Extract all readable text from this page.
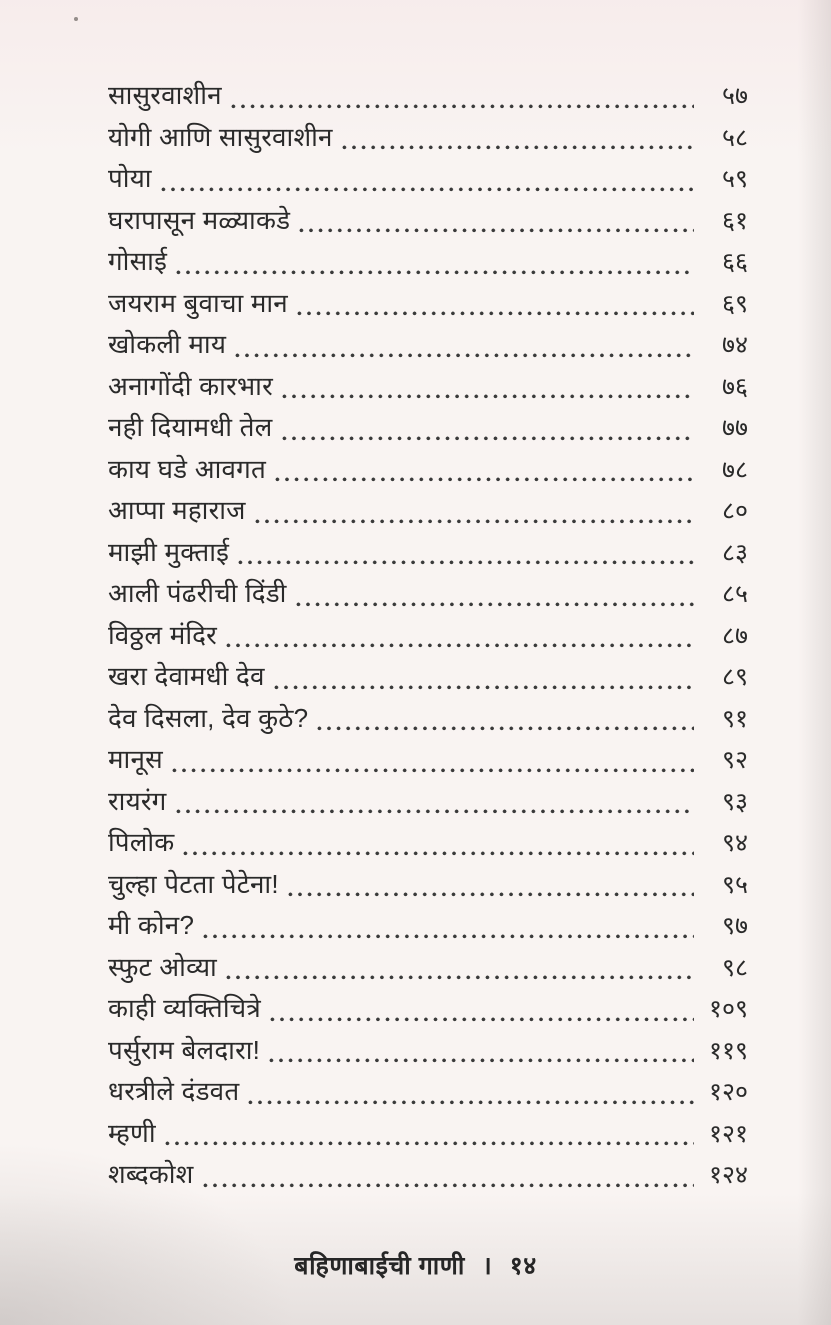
सासुरवाशीन	५७
योगी आणि सासुरवाशीन	५८
पोया	५९
घरापासून मळ्याकडे	६१
गोसाई	६६
जयराम बुवाचा मान	६९
खोकली माय	७४
अनागोंदी कारभार	७६
नही दियामधी तेल	७७
काय घडे आवगत	७८
आप्पा महाराज	८०
माझी मुक्ताई	८३
आली पंढरीची दिंडी	८५
विठ्ठल मंदिर	८७
खरा देवामधी देव	८९
देव दिसला, देव कुठे?	९१
मानूस	९२
रायरंग	९३
पिलोक	९४
चुल्हा पेटता पेटेना!	९५
मी कोन?	९७
स्फुट ओव्या	९८
काही व्यक्तिचित्रे	१०९
पर्सुराम बेलदारा!	११९
धरत्रीले दंडवत	१२०
म्हणी	१२१
शब्दकोश	१२४
बहिणाबाईची गाणी । १४
